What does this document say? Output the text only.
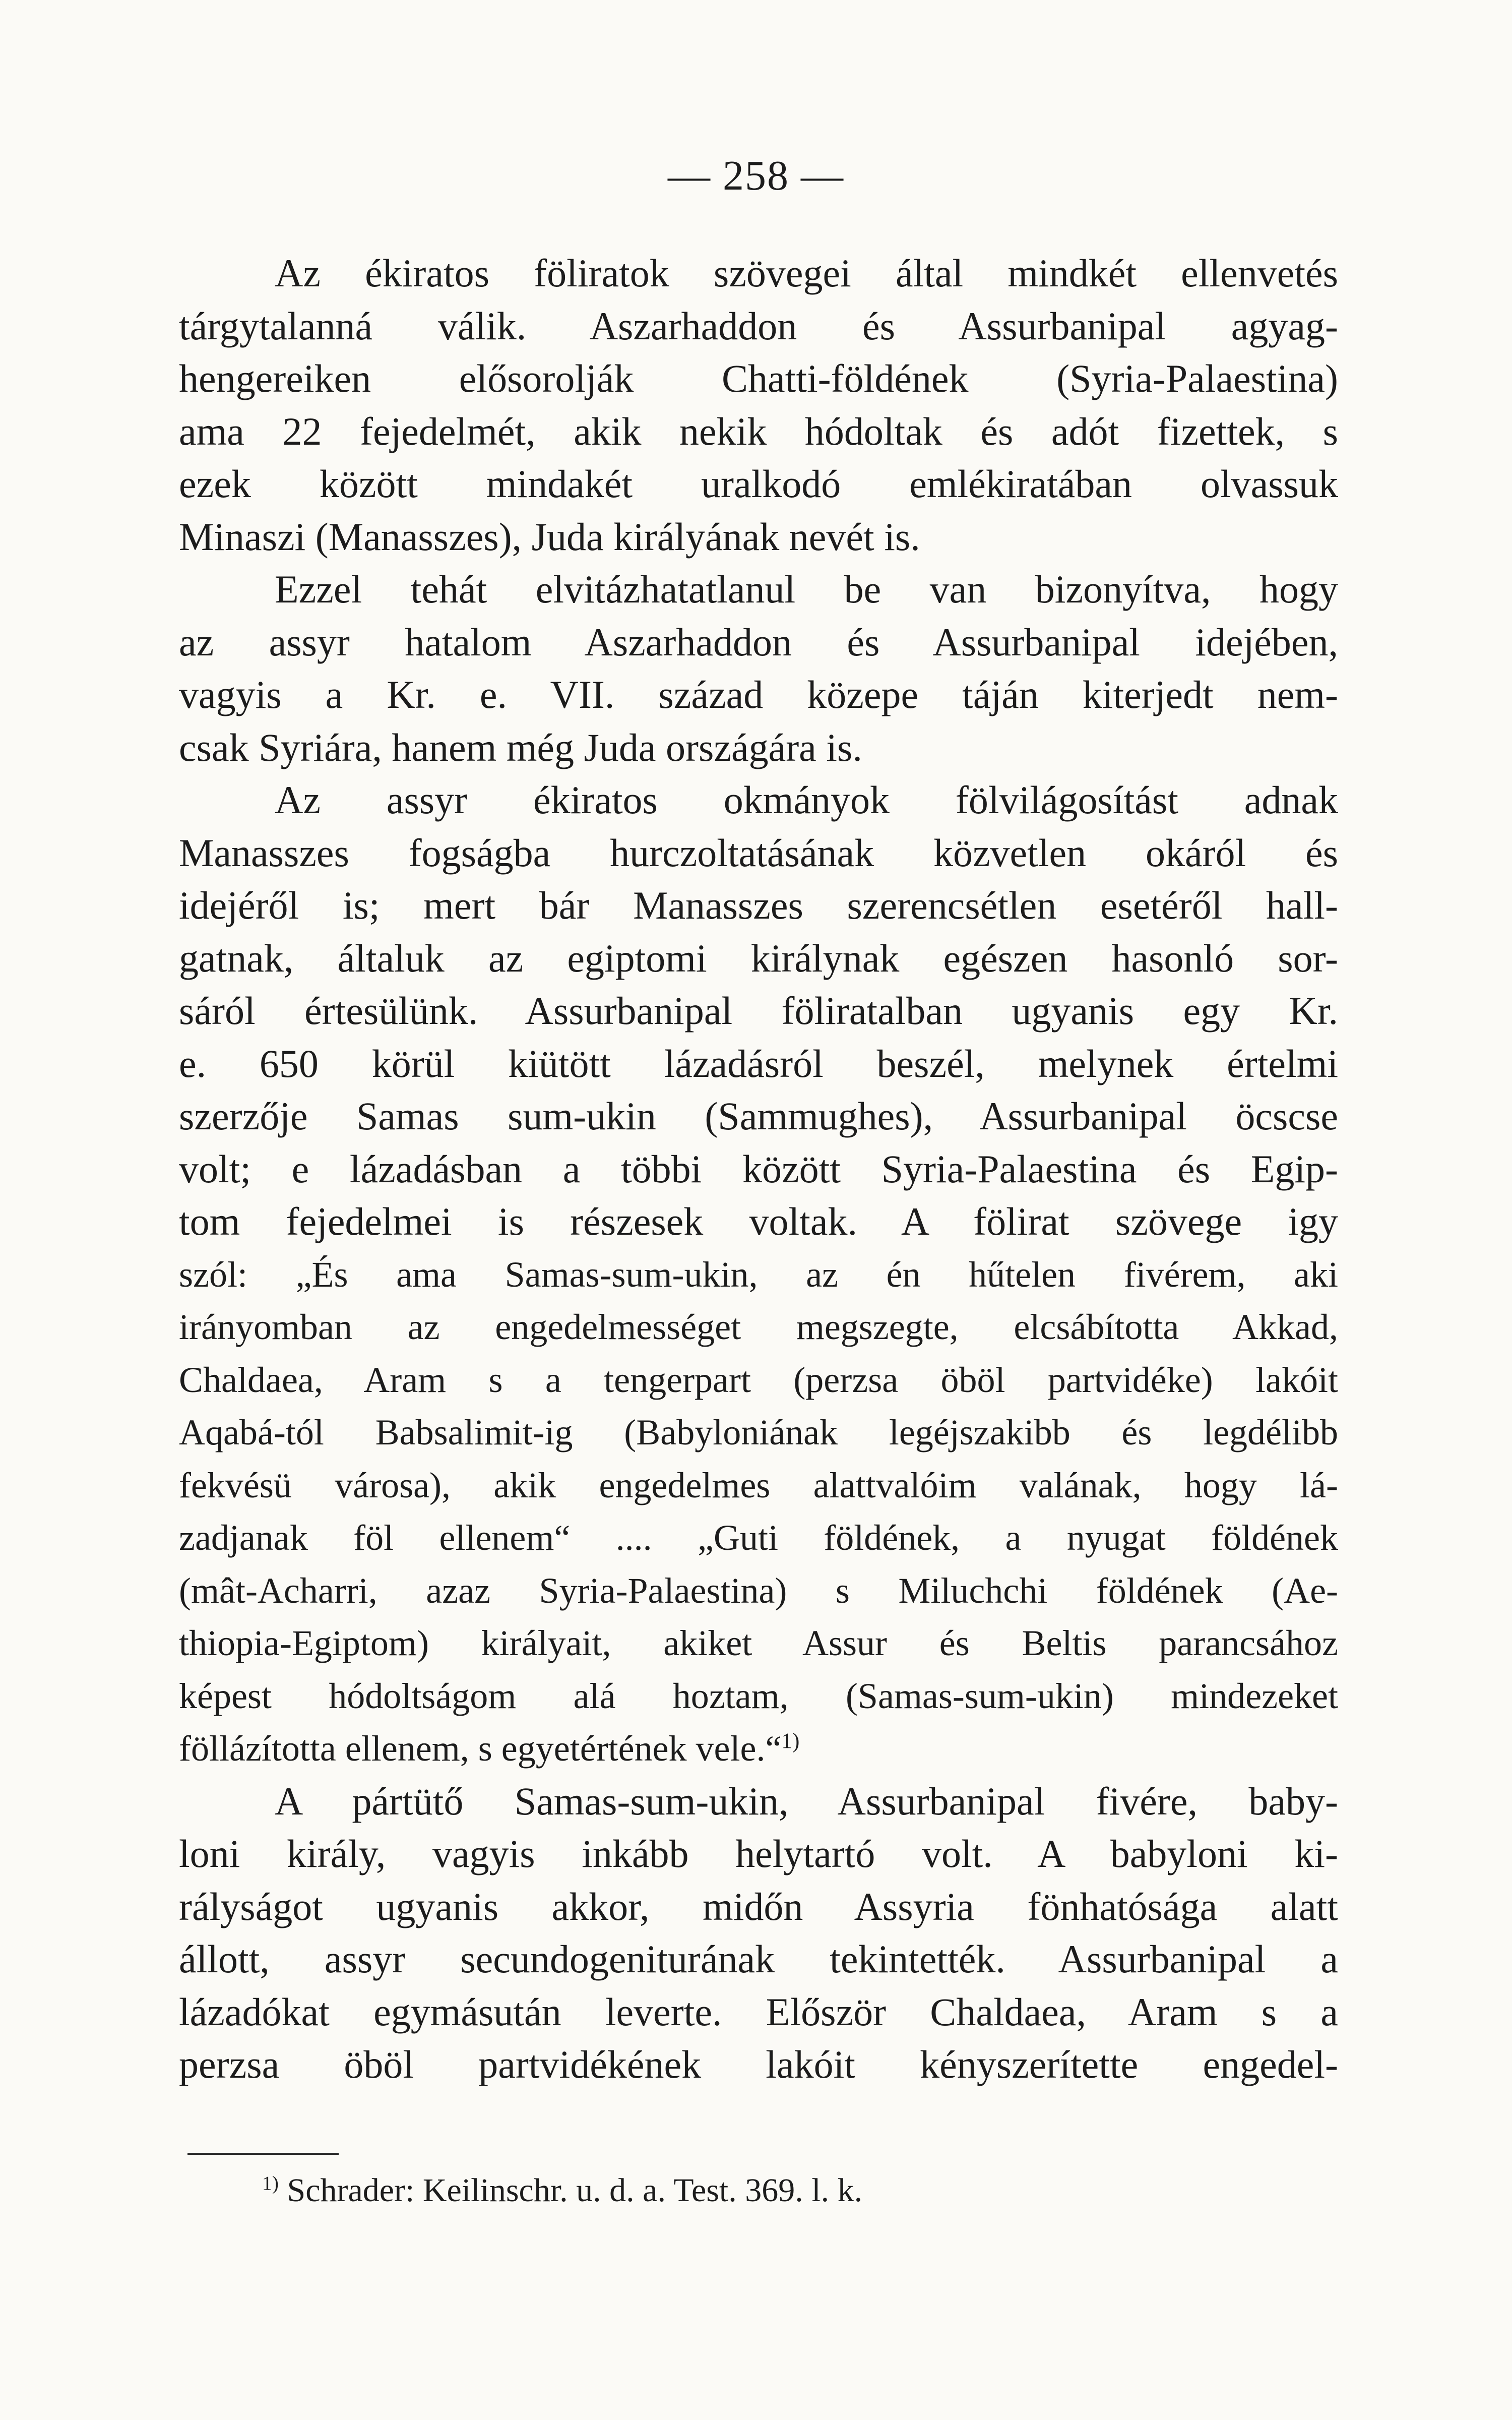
— 258 —
Az ékiratos föliratok szövegei által mindkét ellenvetés
tárgytalanná válik. Aszarhaddon és Assurbanipal agyag-
hengereiken elősorolják Chatti-földének (Syria-Palaestina)
ama 22 fejedelmét, akik nekik hódoltak és adót fizettek, s
ezek között mindakét uralkodó emlékiratában olvassuk
Minaszi (Manasszes), Juda királyának nevét is.
Ezzel tehát elvitázhatatlanul be van bizonyítva, hogy
az assyr hatalom Aszarhaddon és Assurbanipal idejében,
vagyis a Kr. e. VII. század közepe táján kiterjedt nem-
csak Syriára, hanem még Juda országára is.
Az assyr ékiratos okmányok fölvilágosítást adnak
Manasszes fogságba hurczoltatásának közvetlen okáról és
idejéről is; mert bár Manasszes szerencsétlen esetéről hall-
gatnak, általuk az egiptomi királynak egészen hasonló sor-
sáról értesülünk. Assurbanipal föliratalban ugyanis egy Kr.
e. 650 körül kiütött lázadásról beszél, melynek értelmi
szerzője Samas sum-ukin (Sammughes), Assurbanipal öcscse
volt; e lázadásban a többi között Syria-Palaestina és Egip-
tom fejedelmei is részesek voltak. A fölirat szövege igy
szól: „És ama Samas-sum-ukin, az én hűtelen fivérem, aki
irányomban az engedelmességet megszegte, elcsábította Akkad,
Chaldaea, Aram s a tengerpart (perzsa öböl partvidéke) lakóit
Aqabá-tól Babsalimit-ig (Babyloniának legéjszakibb és legdélibb
fekvésü városa), akik engedelmes alattvalóim valának, hogy lá-
zadjanak föl ellenem“ .... „Guti földének, a nyugat földének
(mât-Acharri, azaz Syria-Palaestina) s Miluchchi földének (Ae-
thiopia-Egiptom) királyait, akiket Assur és Beltis parancsához
képest hódoltságom alá hoztam, (Samas-sum-ukin) mindezeket
föllázította ellenem, s egyetértének vele.“$^{1)}$
A pártütő Samas-sum-ukin, Assurbanipal fivére, baby-
loni király, vagyis inkább helytartó volt. A babyloni ki-
rályságot ugyanis akkor, midőn Assyria fönhatósága alatt
állott, assyr secundogeniturának tekintették. Assurbanipal a
lázadókat egymásután leverte. Először Chaldaea, Aram s a
perzsa öböl partvidékének lakóit kényszerítette engedel-
$^{1)}$ Schrader: Keilinschr. u. d. a. Test. 369. l. k.
